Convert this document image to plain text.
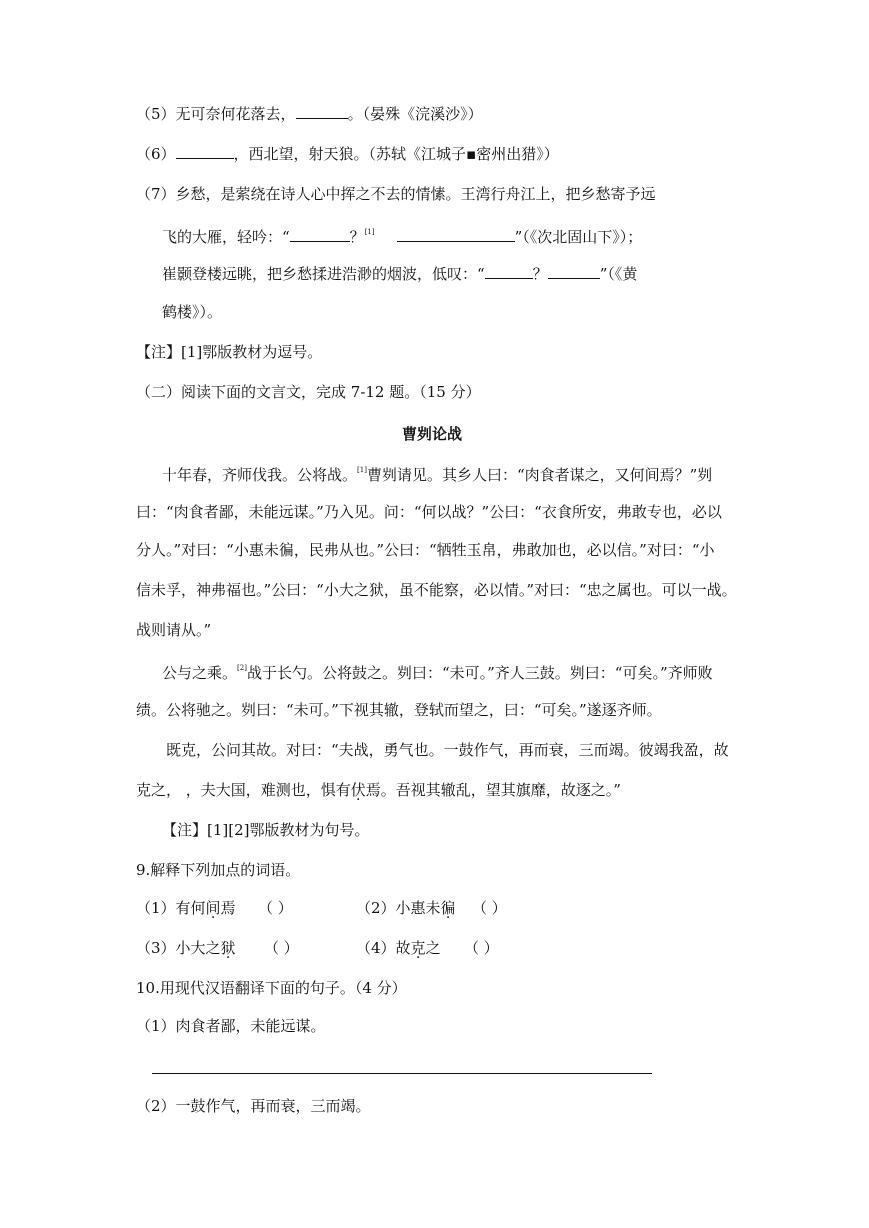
（5）无可奈何花落去，	。（晏殊《浣溪沙》）
（6）	，西北望，射天狼。（苏轼《江城子▪密州出猎》）
（7）乡愁，是萦绕在诗人心中挥之不去的情愫。王湾行舟江上，把乡愁寄予远
飞的大雁，轻吟：“	？[1]	”（《次北固山下》）；
崔颢登楼远眺，把乡愁揉进浩渺的烟波，低叹：“	？	”（《黄
鹤楼》）。
【注】[1]鄂版教材为逗号。
（二）阅读下面的文言文，完成 7-12 题。（15 分）
曹刿论战
十年春，齐师伐我。公将战。[1]曹刿请见。其乡人曰：“肉食者谋之，又何间焉？”刿
曰：“肉食者鄙，未能远谋。”乃入见。问：“何以战？”公曰：“衣食所安，弗敢专也，必以
分人。”对曰：“小惠未徧，民弗从也。”公曰：“牺牲玉帛，弗敢加也，必以信。”对曰：“小
信未孚，神弗福也。”公曰：“小大之狱，虽不能察，必以情。”对曰：“忠之属也。可以一战。
战则请从。”
公与之乘。[2]战于长勺。公将鼓之。刿曰：“未可。”齐人三鼓。刿曰：“可矣。”齐师败
绩。公将驰之。刿曰：“未可。”下视其辙，登轼而望之，曰：“可矣。”遂逐齐师。
既克，公问其故。对曰：“夫战，勇气也。一鼓作气，再而衰，三而竭。彼竭我盈，故
克之， ，夫大国，难测也，惧有伏焉。吾视其辙乱，望其旗靡，故逐之。”
【注】[1][2]鄂版教材为句号。
9.解释下列加点的词语。
（1）有何间焉 （ ）	（2）小惠未徧 （ ）
（3）小大之狱 （ ）	（4）故克之 （ ）
10.用现代汉语翻译下面的句子。（4 分）
（1）肉食者鄙，未能远谋。
（2）一鼓作气，再而衰，三而竭。
